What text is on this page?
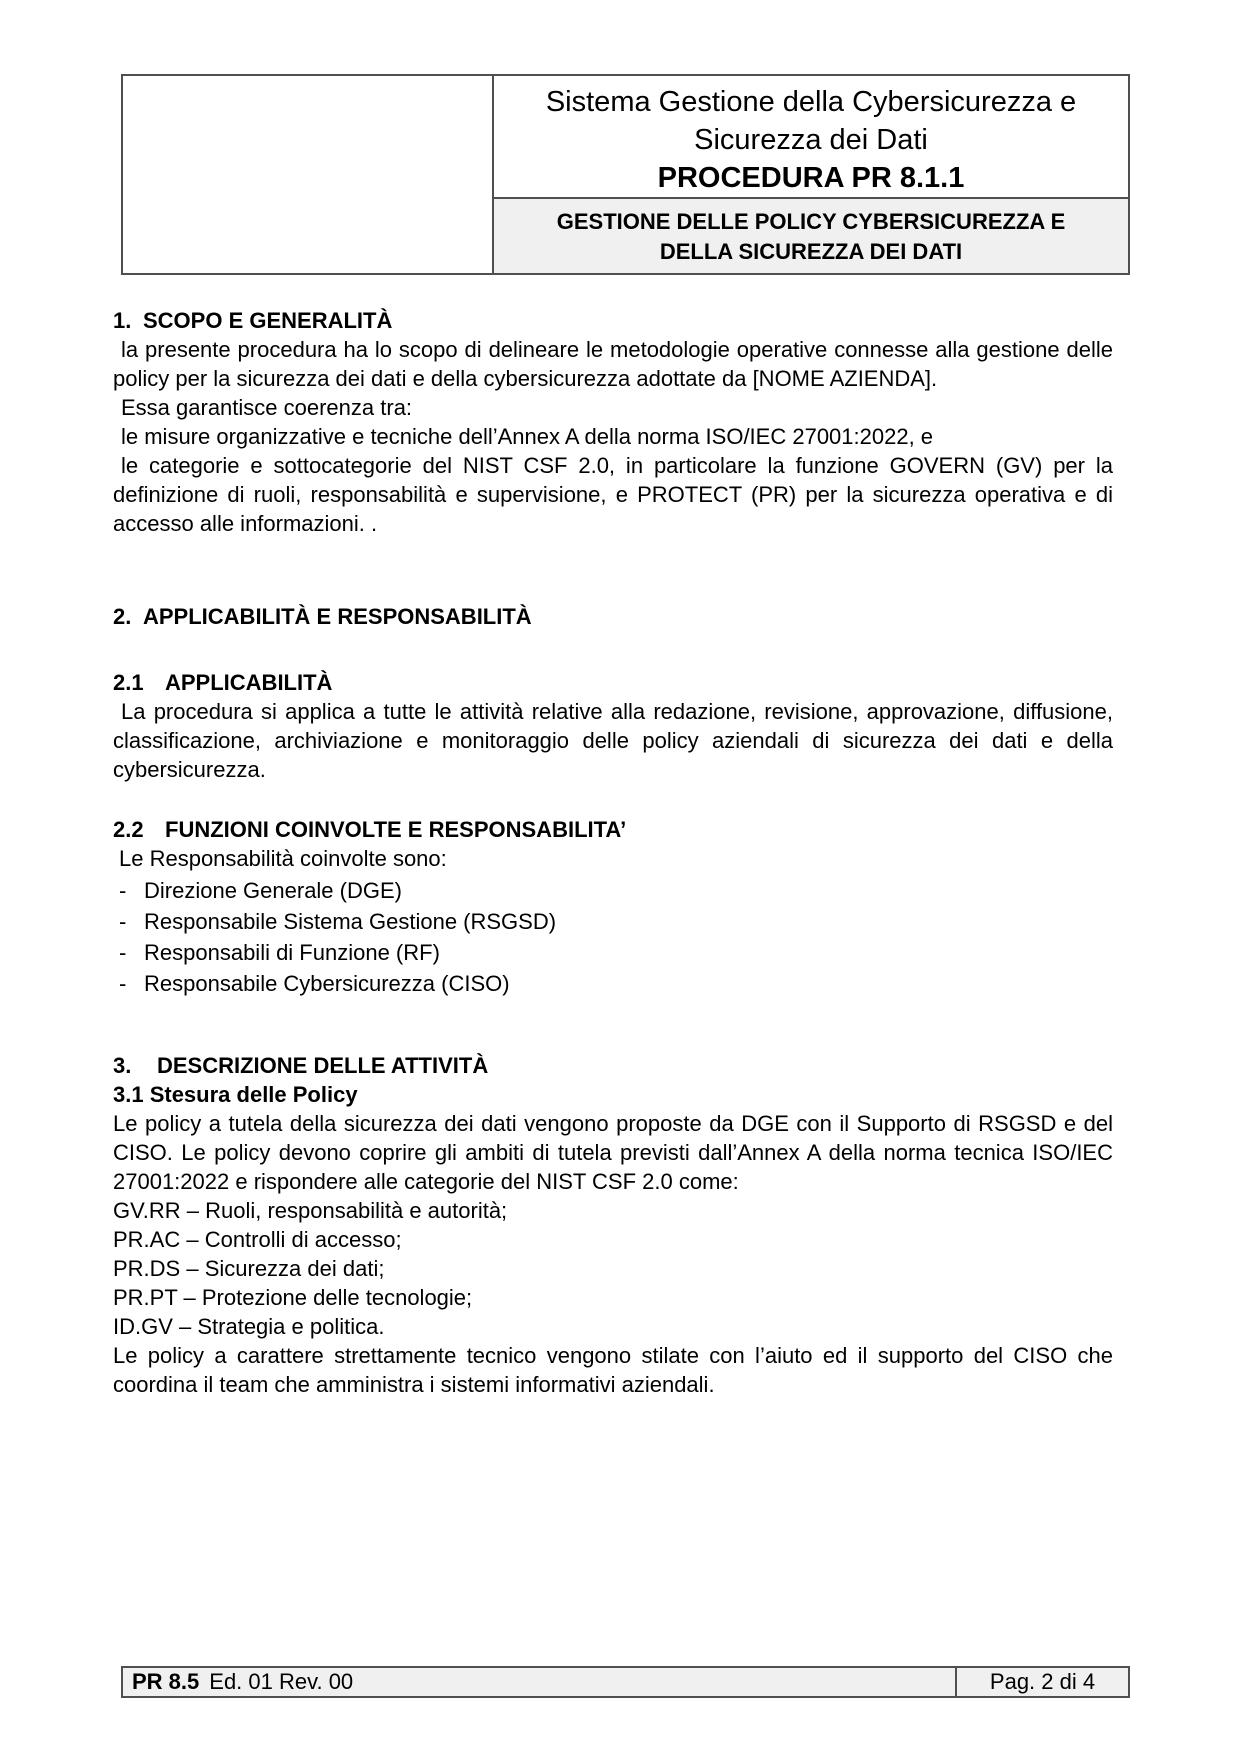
Sistema Gestione della Cybersicurezza e Sicurezza dei Dati
PROCEDURA PR 8.1.1
GESTIONE DELLE POLICY CYBERSICUREZZA E DELLA SICUREZZA DEI DATI
1. SCOPO E GENERALITÀ

la presente procedura ha lo scopo di delineare le metodologie operative connesse alla gestione delle policy per la sicurezza dei dati e della cybersicurezza adottate da [NOME AZIENDA].

Essa garantisce coerenza tra:

le misure organizzative e tecniche dell’Annex A della norma ISO/IEC 27001:2022, e

le categorie e sottocategorie del NIST CSF 2.0, in particolare la funzione GOVERN (GV) per la definizione di ruoli, responsabilità e supervisione, e PROTECT (PR) per la sicurezza operativa e di accesso alle informazioni. .

2. APPLICABILITÀ E RESPONSABILITÀ
2.1 APPLICABILITÀ

La procedura si applica a tutte le attività relative alla redazione, revisione, approvazione, diffusione, classificazione, archiviazione e monitoraggio delle policy aziendali di sicurezza dei dati e della cybersicurezza.

2.2 FUNZIONI COINVOLTE E RESPONSABILITA’

Le Responsabilità coinvolte sono:

- Direzione Generale (DGE)
- Responsabile Sistema Gestione (RSGSD)
- Responsabili di Funzione (RF)
- Responsabile Cybersicurezza (CISO)
3.	DESCRIZIONE DELLE ATTIVITÀ

3.1 Stesura delle Policy

Le policy a tutela della sicurezza dei dati vengono proposte da DGE con il Supporto di RSGSD e del CISO. Le policy devono coprire gli ambiti di tutela previsti dall’Annex A della norma tecnica ISO/IEC 27001:2022 e rispondere alle categorie del NIST CSF 2.0 come:

GV.RR – Ruoli, responsabilità e autorità;

PR.AC – Controlli di accesso;

PR.DS – Sicurezza dei dati;

PR.PT – Protezione delle tecnologie;

ID.GV – Strategia e politica.

Le policy a carattere strettamente tecnico vengono stilate con l’aiuto ed il supporto del CISO che coordina il team che amministra i sistemi informativi aziendali.

PR 8.5 Ed. 01 Rev. 00	Pag. 2 di 4
